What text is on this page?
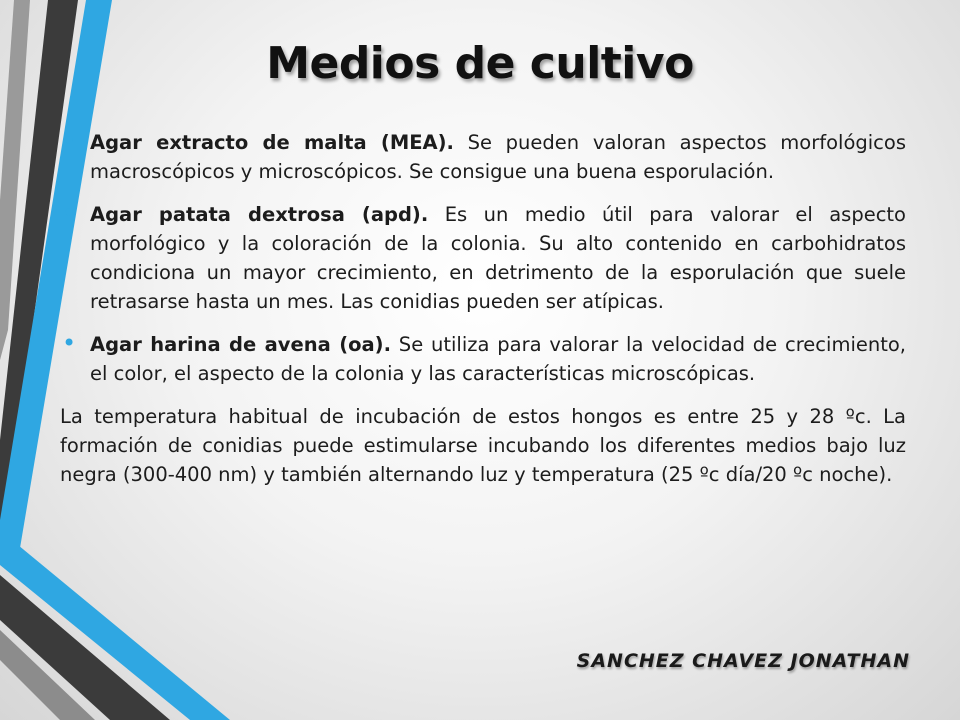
Medios de cultivo
• Agar extracto de malta (MEA). Se pueden valoran aspectos morfológicos macroscópicos y microscópicos. Se consigue una buena esporulación.
• Agar patata dextrosa (apd). Es un medio útil para valorar el aspecto morfológico y la coloración de la colonia. Su alto contenido en carbohidratos condiciona un mayor crecimiento, en detrimento de la esporulación que suele retrasarse hasta un mes. Las conidias pueden ser atípicas.
• Agar harina de avena (oa). Se utiliza para valorar la velocidad de crecimiento, el color, el aspecto de la colonia y las características microscópicas.

La temperatura habitual de incubación de estos hongos es entre 25 y 28 ºc. La formación de conidias puede estimularse incubando los diferentes medios bajo luz negra (300-400 nm) y también alternando luz y temperatura (25 ºc día/20 ºc noche).

SANCHEZ CHAVEZ JONATHAN
